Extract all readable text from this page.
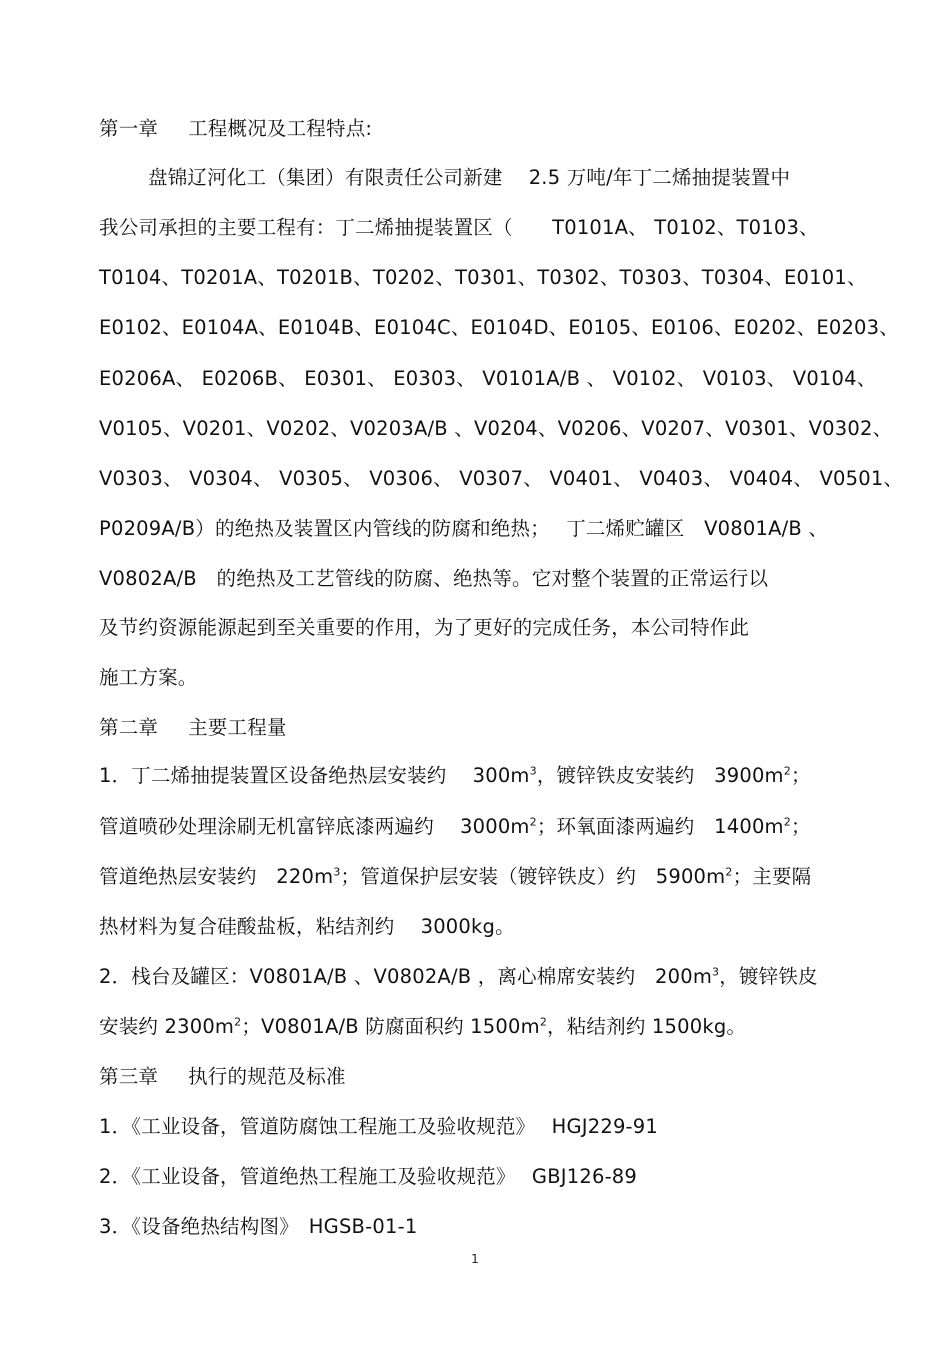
第一章 工程概况及工程特点:
盘锦辽河化工（集团）有限责任公司新建　 2.5 万吨/年丁二烯抽提装置中
我公司承担的主要工程有：丁二烯抽提装置区（　　T0101A、 T0102、T0103、
T0104、T0201A、T0201B、T0202、T0301、T0302、T0303、T0304、E0101、
E0102、E0104A、E0104B、E0104C、E0104D、E0105、E0106、E0202、E0203、
E0206A、 E0206B、 E0301、 E0303、 V0101A/B 、 V0102、 V0103、 V0104、
V0105、V0201、V0202、V0203A/B 、V0204、V0206、V0207、V0301、V0302、
V0303、 V0304、 V0305、 V0306、 V0307、 V0401、 V0403、 V0404、 V0501、
P0209A/B）的绝热及装置区内管线的防腐和绝热；　 丁二烯贮罐区　V0801A/B 、
V0802A/B　的绝热及工艺管线的防腐、绝热等。它对整个装置的正常运行以
及节约资源能源起到至关重要的作用，为了更好的完成任务，本公司特作此
施工方案。
第二章 主要工程量
1．丁二烯抽提装置区设备绝热层安装约　 $300m^3$，镀锌铁皮安装约　$3900m^2$；
管道喷砂处理涂刷无机富锌底漆两遍约　 $3000m^2$；环氧面漆两遍约　$1400m^2$；
管道绝热层安装约　$220m^3$；管道保护层安装（镀锌铁皮）约　$5900m^2$；主要隔
热材料为复合硅酸盐板，粘结剂约　 3000kg。
2．栈台及罐区：V0801A/B 、V0802A/B ，离心棉席安装约　$200m^3$，镀锌铁皮
安装约 $2300m^2$；V0801A/B 防腐面积约 $1500m^2$，粘结剂约 1500kg。
第三章 执行的规范及标准
1．《工业设备，管道防腐蚀工程施工及验收规范》　 HGJ229-91
2．《工业设备，管道绝热工程施工及验收规范》　 GBJ126-89
3．《设备绝热结构图》　HGSB-01-1
1
